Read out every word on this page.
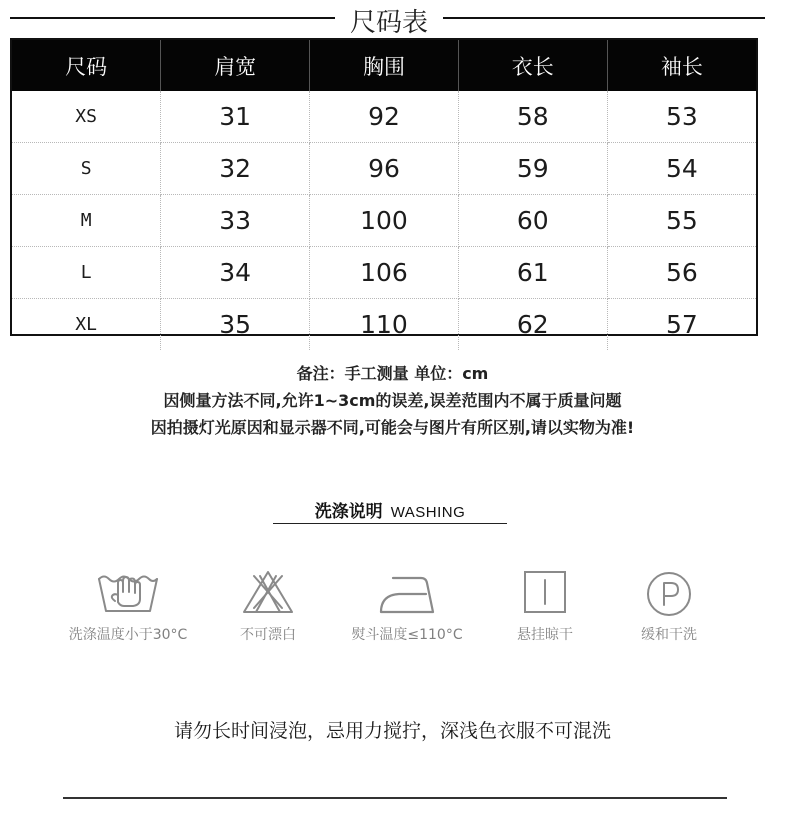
尺码表
尺码	肩宽	胸围	衣长	袖长
XS	31	92	58	53
S	32	96	59	54
M	33	100	60	55
L	34	106	61	56
XL	35	110	62	57
备注：手工测量 单位：cm
因侧量方法不同,允许1~3cm的误差,误差范围内不属于质量问题
因拍摄灯光原因和显示器不同,可能会与图片有所区别,请以实物为准!
洗涤说明 WASHING
洗涤温度小于30°C	不可漂白	熨斗温度≤110°C	悬挂晾干	缓和干洗
请勿长时间浸泡，忌用力搅拧，深浅色衣服不可混洗
